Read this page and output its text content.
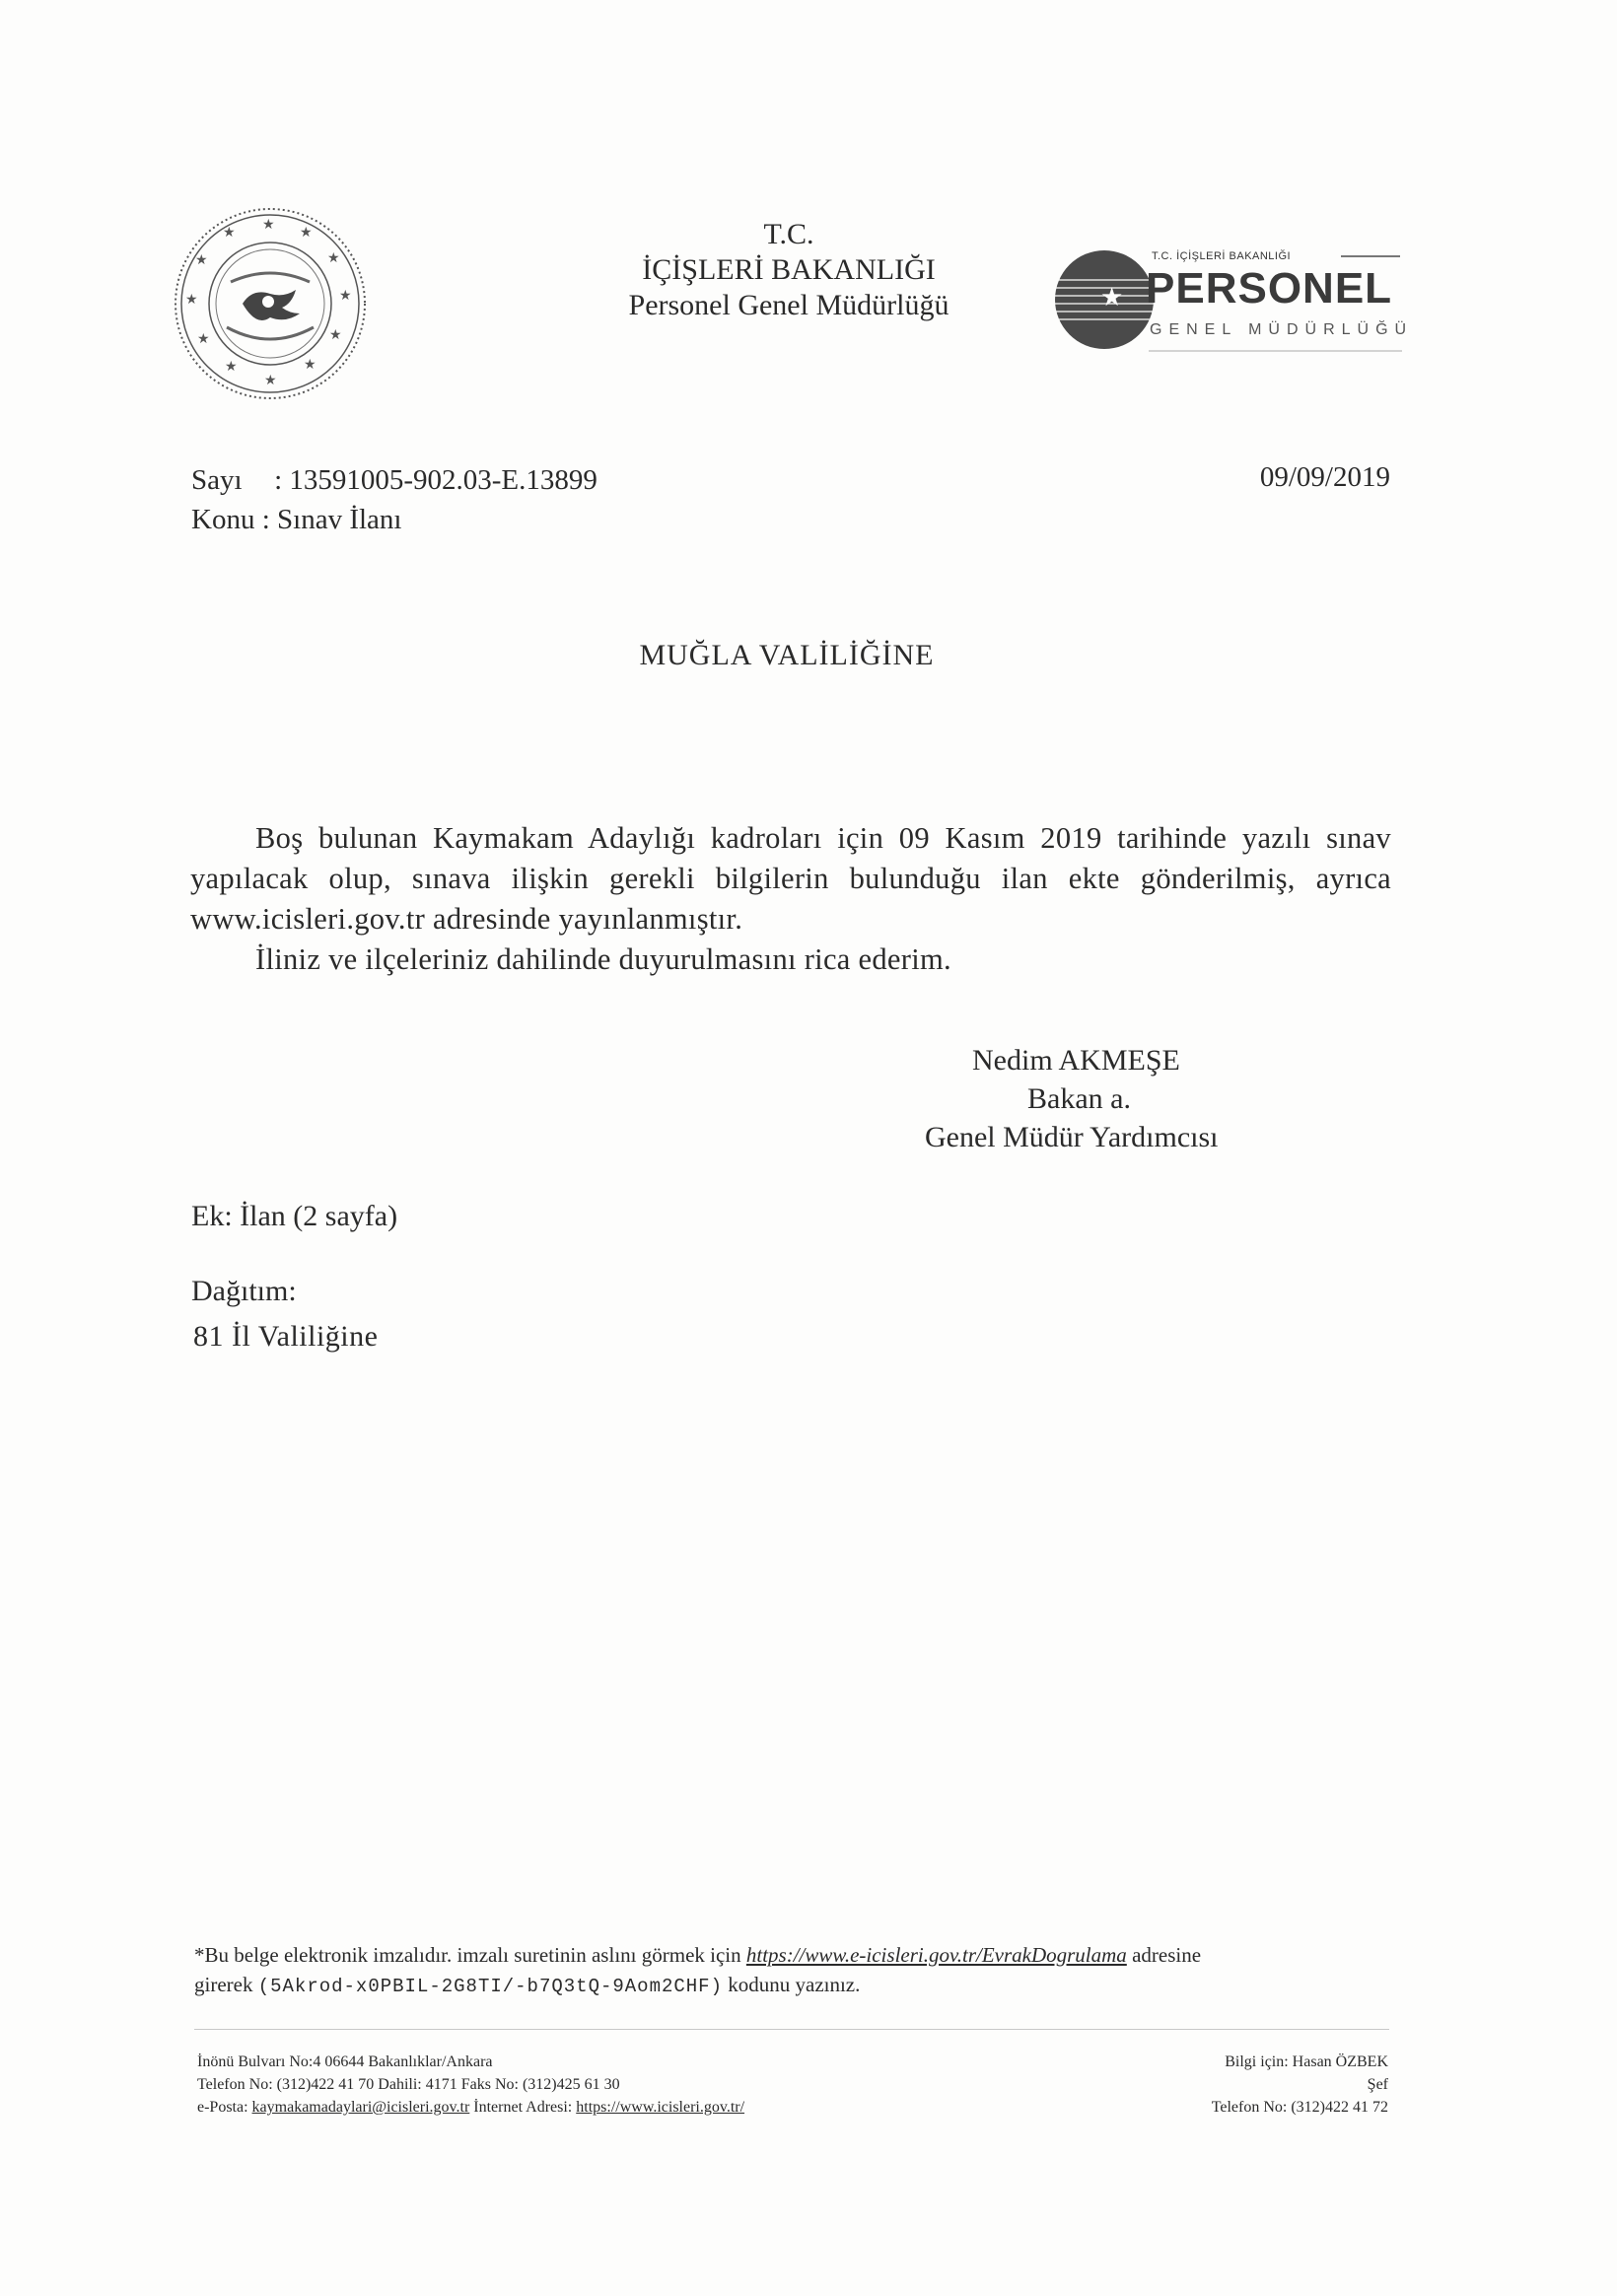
★ ★
★
★
★
★
★
★
★
★
★
★	T.C.
İÇİŞLERİ BAKANLIĞI
Personel Genel Müdürlüğü	★
T.C. İÇİŞLERİ BAKANLIĞI
PERSONEL
GENEL MÜDÜRLÜĞÜ
Sayı : 13591005-902.03-E.13899
Konu : Sınav İlanı
09/09/2019
MUĞLA VALİLİĞİNE

Boş bulunan Kaymakam Adaylığı kadroları için 09 Kasım 2019 tarihinde yazılı sınav yapılacak olup, sınava ilişkin gerekli bilgilerin bulunduğu ilan ekte gönderilmiş, ayrıca www.icisleri.gov.tr adresinde yayınlanmıştır.

İliniz ve ilçeleriniz dahilinde duyurulmasını rica ederim.

Nedim AKMEŞE
Bakan a.
Genel Müdür Yardımcısı
Ek: İlan (2 sayfa)
Dağıtım:
81 İl Valiliğine
*Bu belge elektronik imzalıdır. imzalı suretinin aslını görmek için https://www.e-icisleri.gov.tr/EvrakDogrulama adresine
girerek (5Akrod-x0PBIL-2G8TI/-b7Q3tQ-9Aom2CHF) kodunu yazınız.
İnönü Bulvarı No:4 06644 Bakanlıklar/Ankara
Telefon No: (312)422 41 70 Dahili: 4171 Faks No: (312)425 61 30
e-Posta: kaymakamadaylari@icisleri.gov.tr İnternet Adresi: https://www.icisleri.gov.tr/
Bilgi için: Hasan ÖZBEK
Şef
Telefon No: (312)422 41 72
